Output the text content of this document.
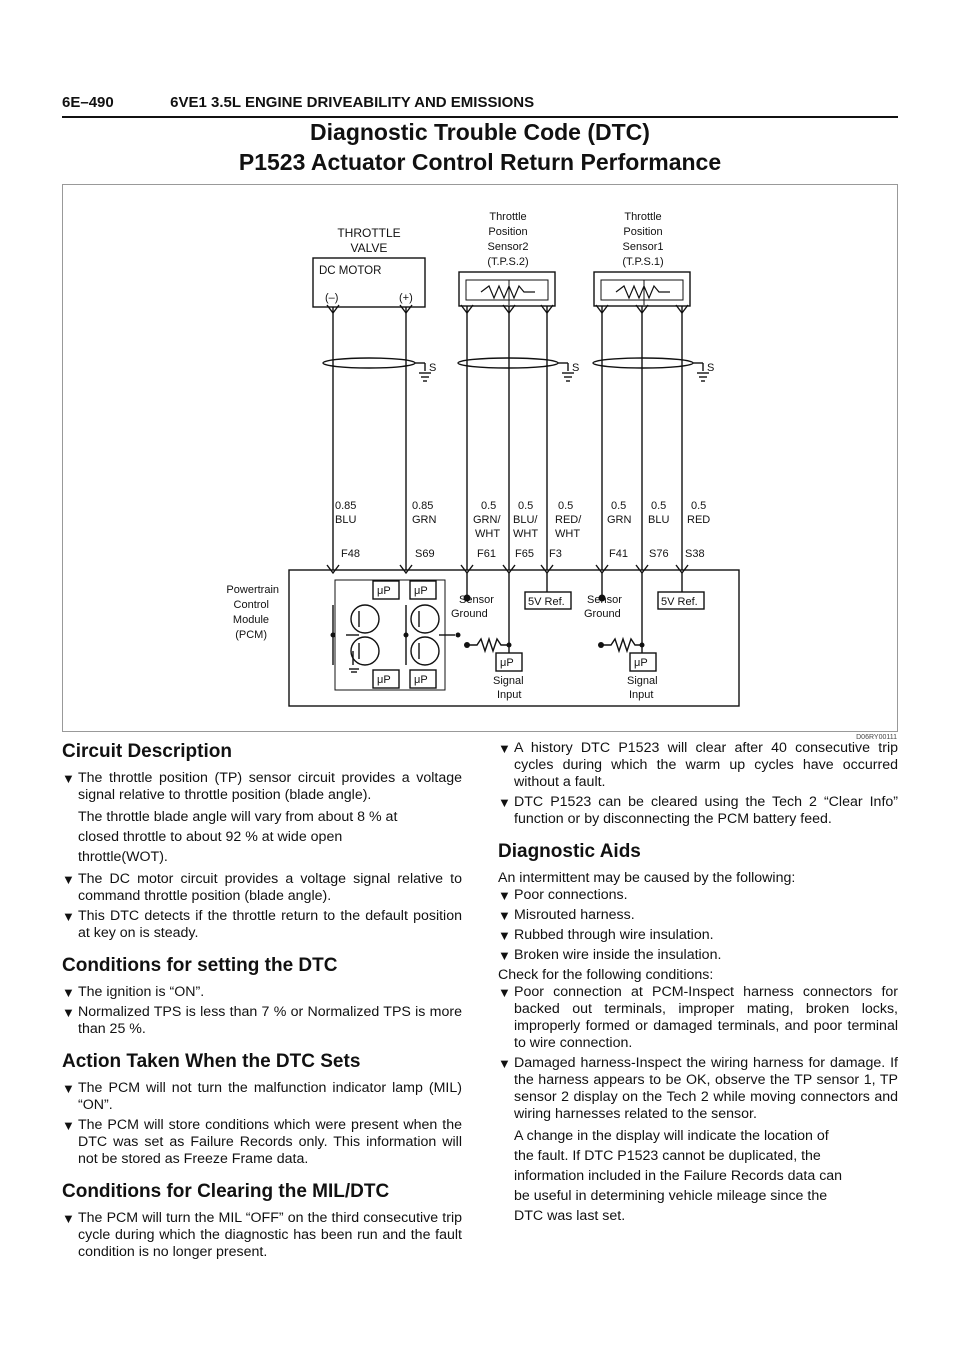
6E–490	6VE1 3.5L ENGINE DRIVEABILITY AND EMISSIONS
Diagnostic Trouble Code (DTC)
P1523 Actuator Control Return Performance
THROTTLE
VALVE
DC MOTOR
(–)	(+)
Throttle
Position
Sensor2
(T.P.S.2)
Throttle
Position
Sensor1
(T.P.S.1)
S	S	S
0.85
BLU
F48
0.85
GRN
S69
0.5
GRN/
WHT
F61
0.5
BLU/
WHT
F65
0.5
RED/
WHT
F3
0.5
GRN
F41
0.5
BLU
S76
0.5
RED
S38
Powertrain
Control
Module
(PCM)
μP μP
μP μP
μP	μP
Sensor
Ground
Sensor
Ground
5V Ref.	5V Ref.
Signal
Input
Signal
Input
D06RY00111
Circuit Description

▼ The throttle position (TP) sensor circuit provides a voltage signal relative to throttle position (blade angle).

The throttle blade angle will vary from about 8 % at
closed throttle to about 92 % at wide open
throttle(WOT).

▼ The DC motor circuit provides a voltage signal relative to command throttle position (blade angle).

▼ This DTC detects if the throttle return to the default position at key on is steady.

Conditions for setting the DTC

▼ The ignition is “ON”.

▼ Normalized TPS is less than 7 % or Normalized TPS is more than 25 %.

Action Taken When the DTC Sets

▼ The PCM will not turn the malfunction indicator lamp (MIL) “ON”.

▼ The PCM will store conditions which were present when the DTC was set as Failure Records only. This information will not be stored as Freeze Frame data.

Conditions for Clearing the MIL/DTC

▼ The PCM will turn the MIL “OFF” on the third consecutive trip cycle during which the diagnostic has been run and the fault condition is no longer present.

▼ A history DTC P1523 will clear after 40 consecutive trip cycles during which the warm up cycles have occurred without a fault.

▼ DTC P1523 can be cleared using the Tech 2 “Clear Info” function or by disconnecting the PCM battery feed.

Diagnostic Aids

An intermittent may be caused by the following:

▼ Poor connections.

▼ Misrouted harness.

▼ Rubbed through wire insulation.

▼ Broken wire inside the insulation.

Check for the following conditions:

▼ Poor connection at PCM-Inspect harness connectors for backed out terminals, improper mating, broken locks, improperly formed or damaged terminals, and poor terminal to wire connection.

▼ Damaged harness-Inspect the wiring harness for damage. If the harness appears to be OK, observe the TP sensor 1, TP sensor 2 display on the Tech 2 while moving connectors and wiring harnesses related to the sensor.

A change in the display will indicate the location of
the fault. If DTC P1523 cannot be duplicated, the
information included in the Failure Records data can
be useful in determining vehicle mileage since the
DTC was last set.
